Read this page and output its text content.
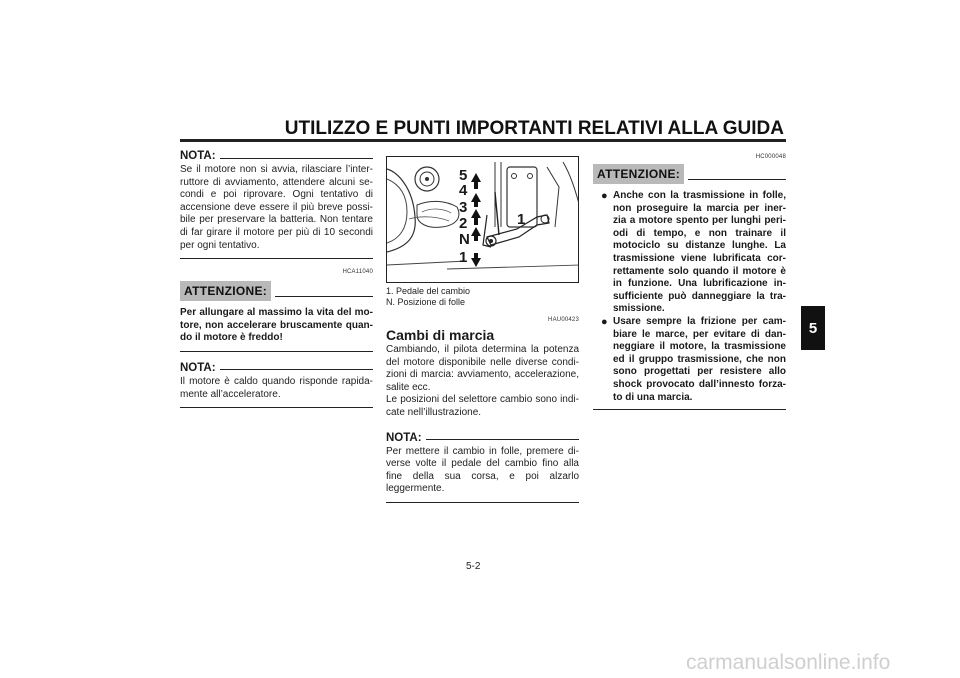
UTILIZZO E PUNTI IMPORTANTI RELATIVI ALLA GUIDA
5
NOTA:

Se il motore non si avvia, rilasciare l’inter-ruttore di avviamento, attendere alcuni se-condi e poi riprovare. Ogni tentativo di accensione deve essere il più breve possi-bile per preservare la batteria. Non tentare di far girare il motore per più di 10 secondi per ogni tentativo.

HCA11040
ATTENZIONE:

Per allungare al massimo la vita del mo-tore, non accelerare bruscamente quan-do il motore è freddo!

NOTA:

Il motore è caldo quando risponde rapida-mente all’acceleratore.

5
4
3
2
N
1
1
1. Pedale del cambio
N. Posizione di folle
HAU00423
Cambi di marcia

Cambiando, il pilota determina la potenza del motore disponibile nelle diverse condi-zioni di marcia: avviamento, accelerazione, salite ecc.

Le posizioni del selettore cambio sono indi-cate nell’illustrazione.

NOTA:

Per mettere il cambio in folle, premere di-verse volte il pedale del cambio fino alla fine della sua corsa, e poi alzarlo leggermente.

HC000048
ATTENZIONE:
● Anche con la trasmissione in folle, non proseguire la marcia per iner-zia a motore spento per lunghi peri-odi di tempo, e non trainare il motociclo su distanze lunghe. La trasmissione viene lubrificata cor-rettamente solo quando il motore è in funzione. Una lubrificazione in-sufficiente può danneggiare la tra-smissione.
● Usare sempre la frizione per cam-biare le marce, per evitare di dan-neggiare il motore, la trasmissione ed il gruppo trasmissione, che non sono progettati per resistere allo shock provocato dall’innesto forza-to di una marcia.
5-2
carmanualsonline.info
